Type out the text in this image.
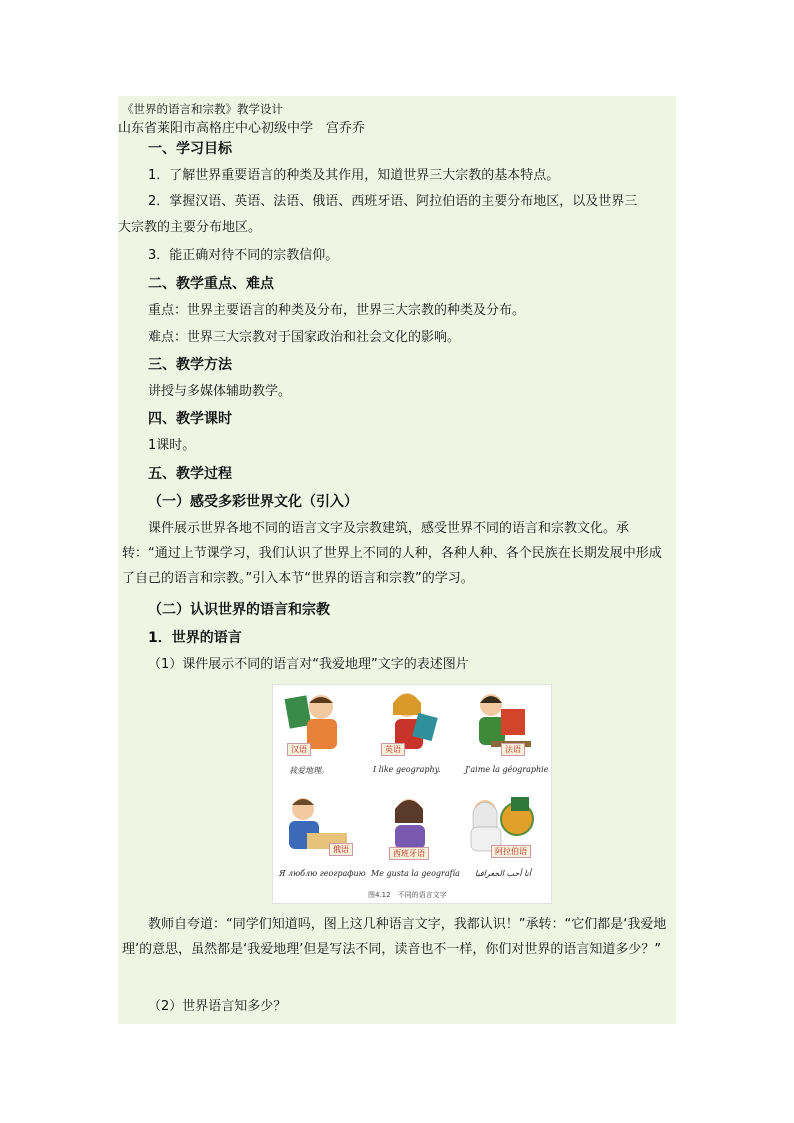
《世界的语言和宗教》教学设计
山东省莱阳市高格庄中心初级中学　宫乔乔
一、学习目标
1．了解世界重要语言的种类及其作用，知道世界三大宗教的基本特点。
2．掌握汉语、英语、法语、俄语、西班牙语、阿拉伯语的主要分布地区，以及世界三
大宗教的主要分布地区。
3．能正确对待不同的宗教信仰。
二、教学重点、难点
重点：世界主要语言的种类及分布，世界三大宗教的种类及分布。
难点：世界三大宗教对于国家政治和社会文化的影响。
三、教学方法
讲授与多媒体辅助教学。
四、教学课时
1课时。
五、教学过程
（一）感受多彩世界文化（引入）
课件展示世界各地不同的语言文字及宗教建筑，感受世界不同的语言和宗教文化。承转：“通过上节课学习，我们认识了世界上不同的人种，各种人种、各个民族在长期发展中形成了自己的语言和宗教。”引入本节“世界的语言和宗教”的学习。
（二）认识世界的语言和宗教
1．世界的语言
（1）课件展示不同的语言对“我爱地理”文字的表述图片
汉语
我爱地理。
英语
I like geography.
法语
J'aime la géographie
俄语
Я люблю географию
西班牙语
Me gusta la geografía
阿拉伯语
أنا أحب الجغرافيا
图4.12　不同的语言文字
教师自夸道：“同学们知道吗，图上这几种语言文字，我都认识！”承转：“它们都是‘我爱地理’的意思，虽然都是‘我爱地理’但是写法不同，读音也不一样，你们对世界的语言知道多少？”
（2）世界语言知多少？
